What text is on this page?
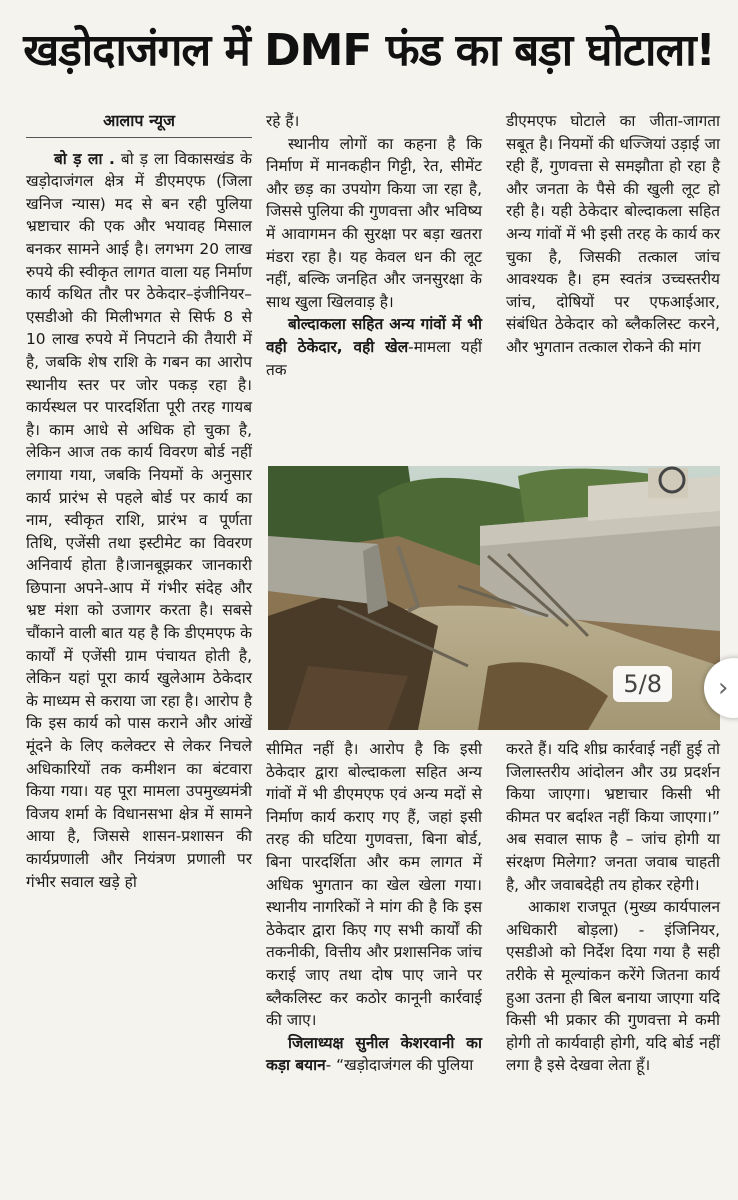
खड़ोदाजंगल में DMF फंड का बड़ा घोटाला!
आलाप न्यूज

बो ड़ ला . बो ड़ ला विकासखंड के खड़ोदाजंगल क्षेत्र में डीएमएफ (जिला खनिज न्यास) मद से बन रही पुलिया भ्रष्टाचार की एक और भयावह मिसाल बनकर सामने आई है। लगभग 20 लाख रुपये की स्वीकृत लागत वाला यह निर्माण कार्य कथित तौर पर ठेकेदार–इंजीनियर–एसडीओ की मिलीभगत से सिर्फ 8 से 10 लाख रुपये में निपटाने की तैयारी में है, जबकि शेष राशि के गबन का आरोप स्थानीय स्तर पर जोर पकड़ रहा है। कार्यस्थल पर पारदर्शिता पूरी तरह गायब है। काम आधे से अधिक हो चुका है, लेकिन आज तक कार्य विवरण बोर्ड नहीं लगाया गया, जबकि नियमों के अनुसार कार्य प्रारंभ से पहले बोर्ड पर कार्य का नाम, स्वीकृत राशि, प्रारंभ व पूर्णता तिथि, एजेंसी तथा इस्टीमेट का विवरण अनिवार्य होता है।जानबूझकर जानकारी छिपाना अपने-आप में गंभीर संदेह और भ्रष्ट मंशा को उजागर करता है। सबसे चौंकाने वाली बात यह है कि डीएमएफ के कार्यों में एजेंसी ग्राम पंचायत होती है, लेकिन यहां पूरा कार्य खुलेआम ठेकेदार के माध्यम से कराया जा रहा है। आरोप है कि इस कार्य को पास कराने और आंखें मूंदने के लिए कलेक्टर से लेकर निचले अधिकारियों तक कमीशन का बंटवारा किया गया। यह पूरा मामला उपमुख्यमंत्री विजय शर्मा के विधानसभा क्षेत्र में सामने आया है, जिससे शासन-प्रशासन की कार्यप्रणाली और नियंत्रण प्रणाली पर गंभीर सवाल खड़े हो

रहे हैं।

स्थानीय लोगों का कहना है कि निर्माण में मानकहीन गिट्टी, रेत, सीमेंट और छड़ का उपयोग किया जा रहा है, जिससे पुलिया की गुणवत्ता और भविष्य में आवागमन की सुरक्षा पर बड़ा खतरा मंडरा रहा है। यह केवल धन की लूट नहीं, बल्कि जनहित और जनसुरक्षा के साथ खुला खिलवाड़ है।

बोल्दाकला सहित अन्य गांवों में भी वही ठेकेदार, वही खेल-मामला यहीं तक

डीएमएफ घोटाले का जीता-जागता सबूत है। नियमों की धज्जियां उड़ाई जा रही हैं, गुणवत्ता से समझौता हो रहा है और जनता के पैसे की खुली लूट हो रही है। यही ठेकेदार बोल्दाकला सहित अन्य गांवों में भी इसी तरह के कार्य कर चुका है, जिसकी तत्काल जांच आवश्यक है। हम स्वतंत्र उच्चस्तरीय जांच, दोषियों पर एफआईआर, संबंधित ठेकेदार को ब्लैकलिस्ट करने, और भुगतान तत्काल रोकने की मांग

5/8	›

सीमित नहीं है। आरोप है कि इसी ठेकेदार द्वारा बोल्दाकला सहित अन्य गांवों में भी डीएमएफ एवं अन्य मदों से निर्माण कार्य कराए गए हैं, जहां इसी तरह की घटिया गुणवत्ता, बिना बोर्ड, बिना पारदर्शिता और कम लागत में अधिक भुगतान का खेल खेला गया। स्थानीय नागरिकों ने मांग की है कि इस ठेकेदार द्वारा किए गए सभी कार्यों की तकनीकी, वित्तीय और प्रशासनिक जांच कराई जाए तथा दोष पाए जाने पर ब्लैकलिस्ट कर कठोर कानूनी कार्रवाई की जाए।

जिलाध्यक्ष सुनील केशरवानी का कड़ा बयान- “खड़ोदाजंगल की पुलिया

करते हैं। यदि शीघ्र कार्रवाई नहीं हुई तो जिलास्तरीय आंदोलन और उग्र प्रदर्शन किया जाएगा। भ्रष्टाचार किसी भी कीमत पर बर्दाश्त नहीं किया जाएगा।” अब सवाल साफ है – जांच होगी या संरक्षण मिलेगा? जनता जवाब चाहती है, और जवाबदेही तय होकर रहेगी।

आकाश राजपूत (मुख्य कार्यपालन अधिकारी बोड़ला) - इंजिनियर, एसडीओ को निर्देश दिया गया है सही तरीके से मूल्यांकन करेंगे जितना कार्य हुआ उतना ही बिल बनाया जाएगा यदि किसी भी प्रकार की गुणवत्ता मे कमी होगी तो कार्यवाही होगी, यदि बोर्ड नहीं लगा है इसे देखवा लेता हूँ।
